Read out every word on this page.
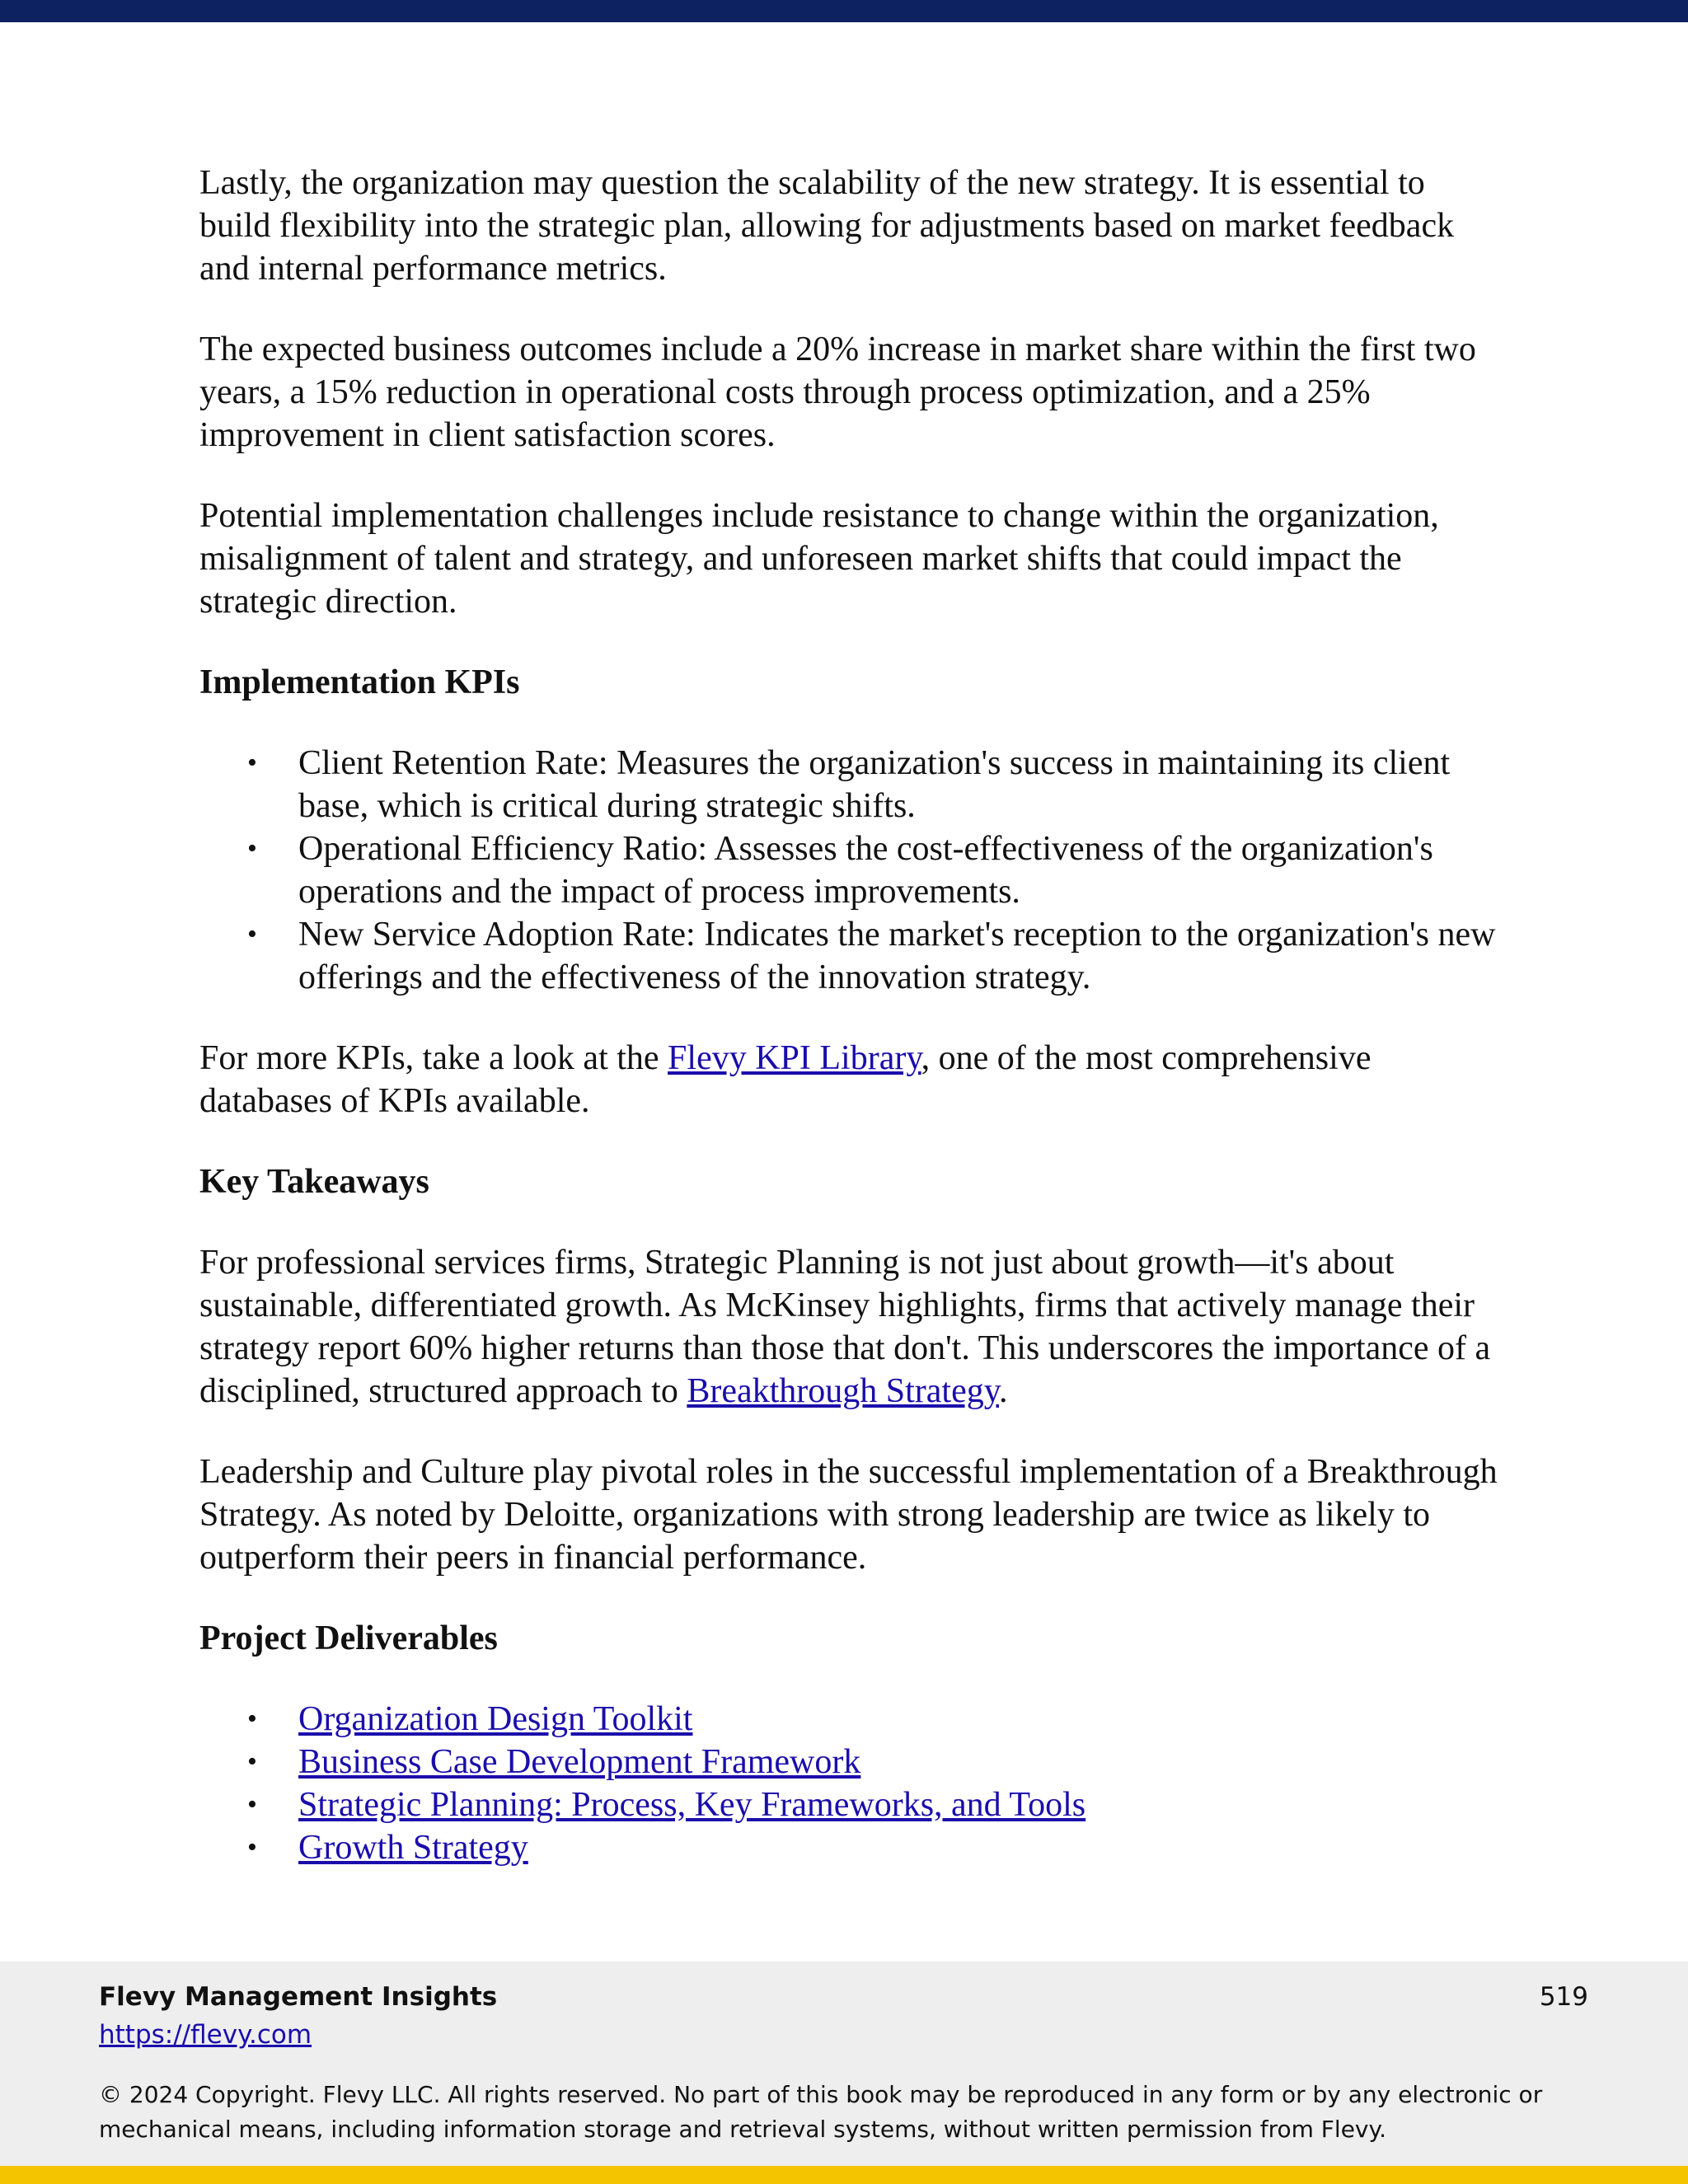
Lastly, the organization may question the scalability of the new strategy. It is essential to build flexibility into the strategic plan, allowing for adjustments based on market feedback and internal performance metrics.

The expected business outcomes include a 20% increase in market share within the first two years, a 15% reduction in operational costs through process optimization, and a 25% improvement in client satisfaction scores.

Potential implementation challenges include resistance to change within the organization, misalignment of talent and strategy, and unforeseen market shifts that could impact the strategic direction.

Implementation KPIs
• Client Retention Rate: Measures the organization's success in maintaining its client base, which is critical during strategic shifts.
• Operational Efficiency Ratio: Assesses the cost-effectiveness of the organization's operations and the impact of process improvements.
• New Service Adoption Rate: Indicates the market's reception to the organization's new offerings and the effectiveness of the innovation strategy.

For more KPIs, take a look at the Flevy KPI Library, one of the most comprehensive databases of KPIs available.

Key Takeaways

For professional services firms, Strategic Planning is not just about growth—it's about sustainable, differentiated growth. As McKinsey highlights, firms that actively manage their strategy report 60% higher returns than those that don't. This underscores the importance of a disciplined, structured approach to Breakthrough Strategy.

Leadership and Culture play pivotal roles in the successful implementation of a Breakthrough Strategy. As noted by Deloitte, organizations with strong leadership are twice as likely to outperform their peers in financial performance.

Project Deliverables
• Organization Design Toolkit
• Business Case Development Framework
• Strategic Planning: Process, Key Frameworks, and Tools
• Growth Strategy
Flevy Management Insights
https://flevy.com
519
© 2024 Copyright. Flevy LLC. All rights reserved. No part of this book may be reproduced in any form or by any electronic or mechanical means, including information storage and retrieval systems, without written permission from Flevy.
